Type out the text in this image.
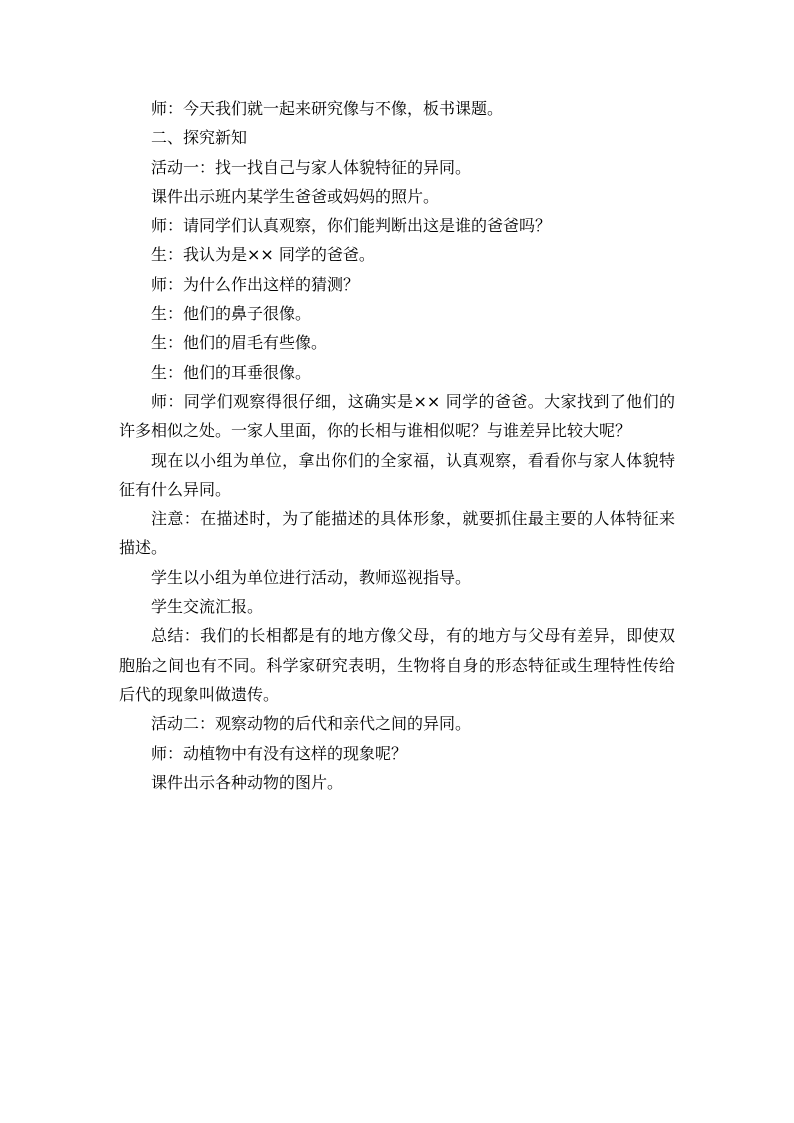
师：今天我们就一起来研究像与不像，板书课题。

二、探究新知

活动一：找一找自己与家人体貌特征的异同。

课件出示班内某学生爸爸或妈妈的照片。

师：请同学们认真观察，你们能判断出这是谁的爸爸吗？

生：我认为是×× 同学的爸爸。

师：为什么作出这样的猜测？

生：他们的鼻子很像。

生：他们的眉毛有些像。

生：他们的耳垂很像。

师：同学们观察得很仔细，这确实是×× 同学的爸爸。大家找到了他们的许多相似之处。一家人里面，你的长相与谁相似呢？与谁差异比较大呢？

现在以小组为单位，拿出你们的全家福，认真观察，看看你与家人体貌特征有什么异同。

注意：在描述时，为了能描述的具体形象，就要抓住最主要的人体特征来描述。

学生以小组为单位进行活动，教师巡视指导。

学生交流汇报。

总结：我们的长相都是有的地方像父母，有的地方与父母有差异，即使双胞胎之间也有不同。科学家研究表明，生物将自身的形态特征或生理特性传给后代的现象叫做遗传。

活动二：观察动物的后代和亲代之间的异同。

师：动植物中有没有这样的现象呢？

课件出示各种动物的图片。
